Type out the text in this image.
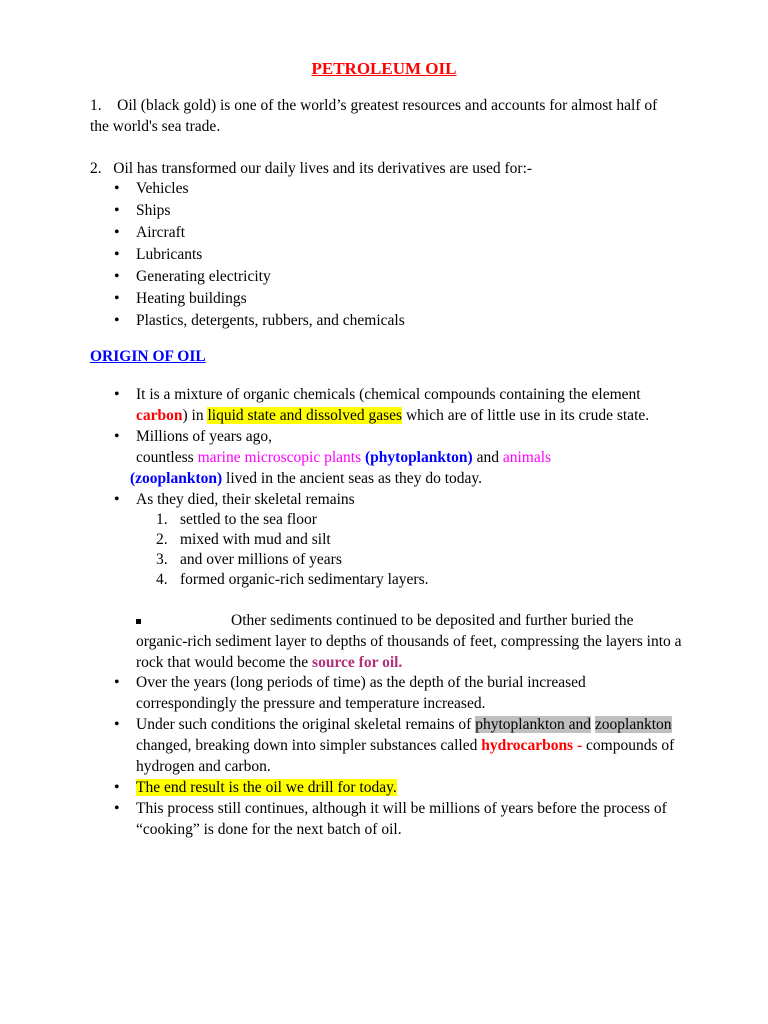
PETROLEUM OIL
1. Oil (black gold) is one of the world’s greatest resources and accounts for almost half of the world's sea trade.
2.   Oil has transformed our daily lives and its derivatives are used for:-
• Vehicles
• Ships
• Aircraft
• Lubricants
• Generating electricity
• Heating buildings
• Plastics, detergents, rubbers, and chemicals
ORIGIN OF OIL
• It is a mixture of organic chemicals (chemical compounds containing the element carbon) in liquid state and dissolved gases which are of little use in its crude state.
• Millions of years ago,
countless marine microscopic plants (phytoplankton) and animals
(zooplankton) lived in the ancient seas as they do today.
• As they died, their skeletal remains
1. settled to the sea floor
2. mixed with mud and silt
3. and over millions of years
4. formed organic-rich sedimentary layers.
Other sediments continued to be deposited and further buried the organic-rich sediment layer to depths of thousands of feet, compressing the layers into a rock that would become the source for oil.
• Over the years (long periods of time) as the depth of the burial increased correspondingly the pressure and temperature increased.
• Under such conditions the original skeletal remains of phytoplankton and zooplankton changed, breaking down into simpler substances called hydrocarbons - compounds of hydrogen and carbon.
• The end result is the oil we drill for today.
• This process still continues, although it will be millions of years before the process of “cooking” is done for the next batch of oil.
